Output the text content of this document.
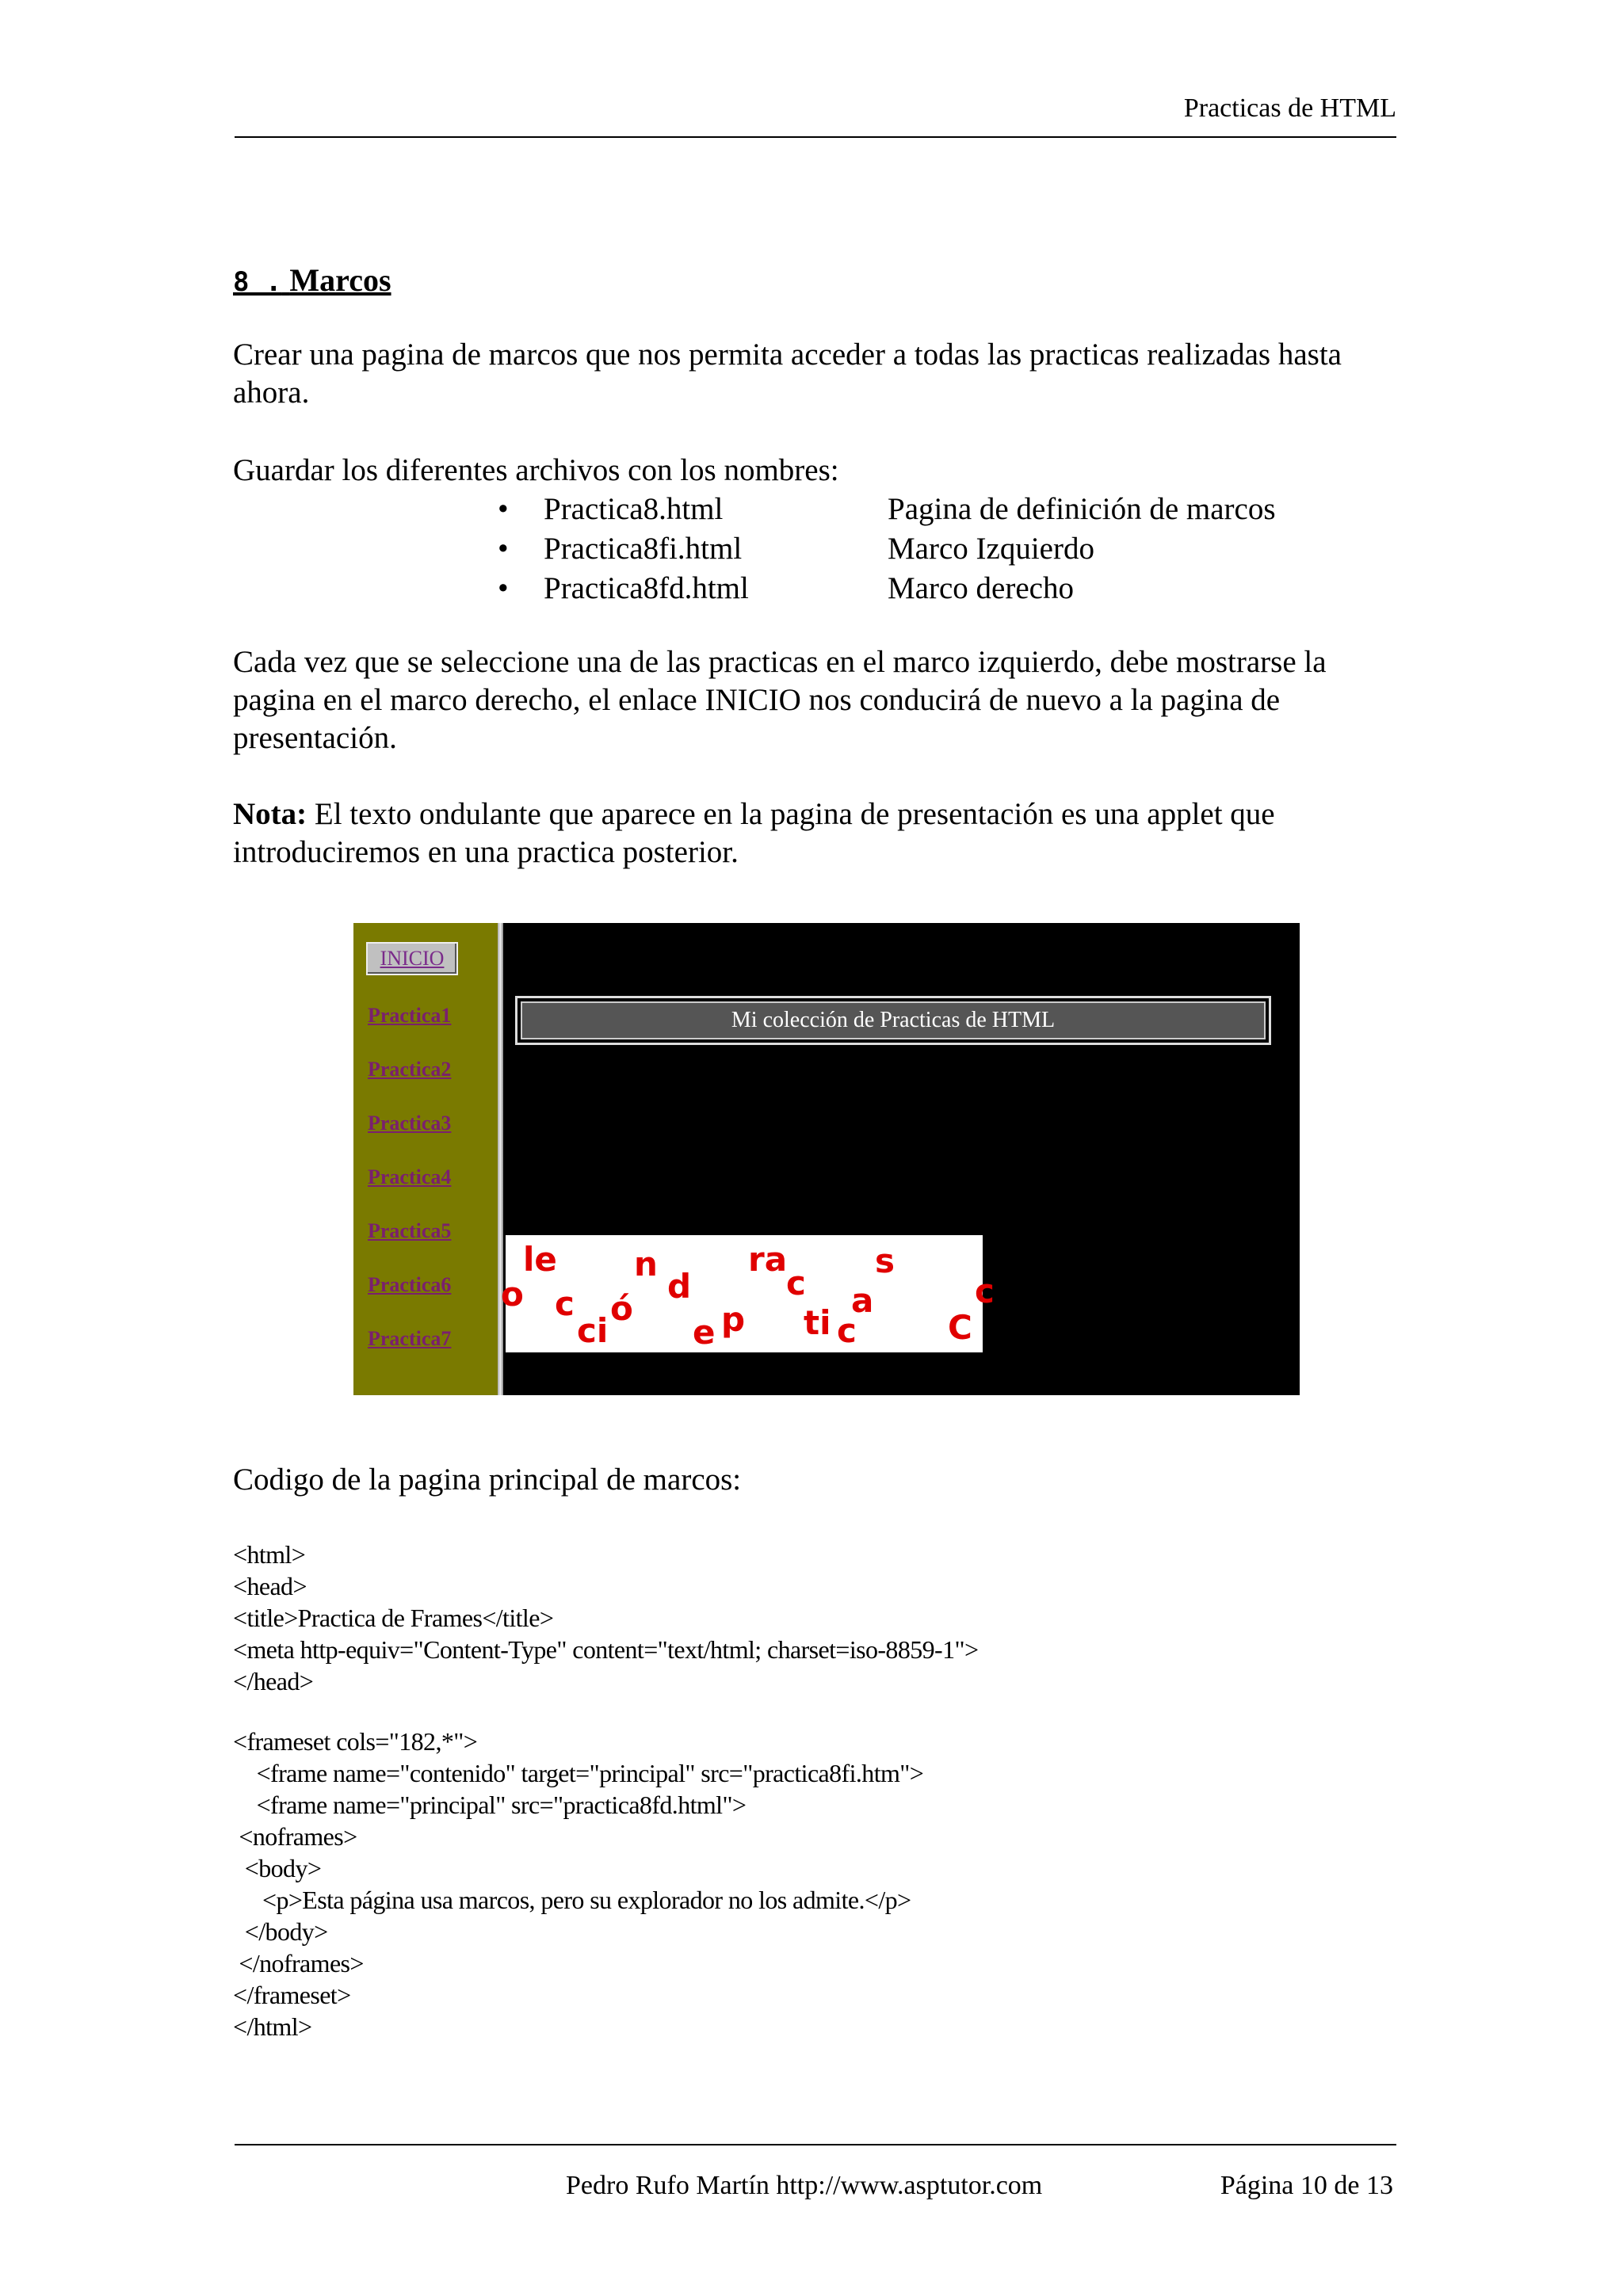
Practicas de HTML
8 . Marcos
Crear una pagina de marcos que nos permita acceder a todas las practicas realizadas hasta ahora.
Guardar los diferentes archivos con los nombres:
• Practica8.html	Pagina de definición de marcos
• Practica8fi.html	Marco Izquierdo
• Practica8fd.html	Marco derecho
Cada vez que se seleccione una de las practicas en el marco izquierdo, debe mostrarse la pagina en el marco derecho, el enlace INICIO nos conducirá de nuevo a la pagina de presentación.
Nota: El texto ondulante que aparece en la pagina de presentación es una applet que introduciremos en una practica posterior.
INICIO
Practica1
Practica2
Practica3
Practica4
Practica5
Practica6
Practica7
Mi colección de Practicas de HTML
o
le
c
ci
ó
n
d
e p
ra
c
ti c
a
s
C
c
Codigo de la pagina principal de marcos:
<html>
<head>
<title>Practica de Frames</title>
<meta http-equiv="Content-Type" content="text/html; charset=iso-8859-1">
</head>
<frameset cols="182,*">
<frame name="contenido" target="principal" src="practica8fi.htm">
<frame name="principal" src="practica8fd.html">
<noframes>
<body>
<p>Esta página usa marcos, pero su explorador no los admite.</p>
</body>
</noframes>
</frameset>
</html>
Pedro Rufo Martín http://www.asptutor.com	Página 10 de 13
